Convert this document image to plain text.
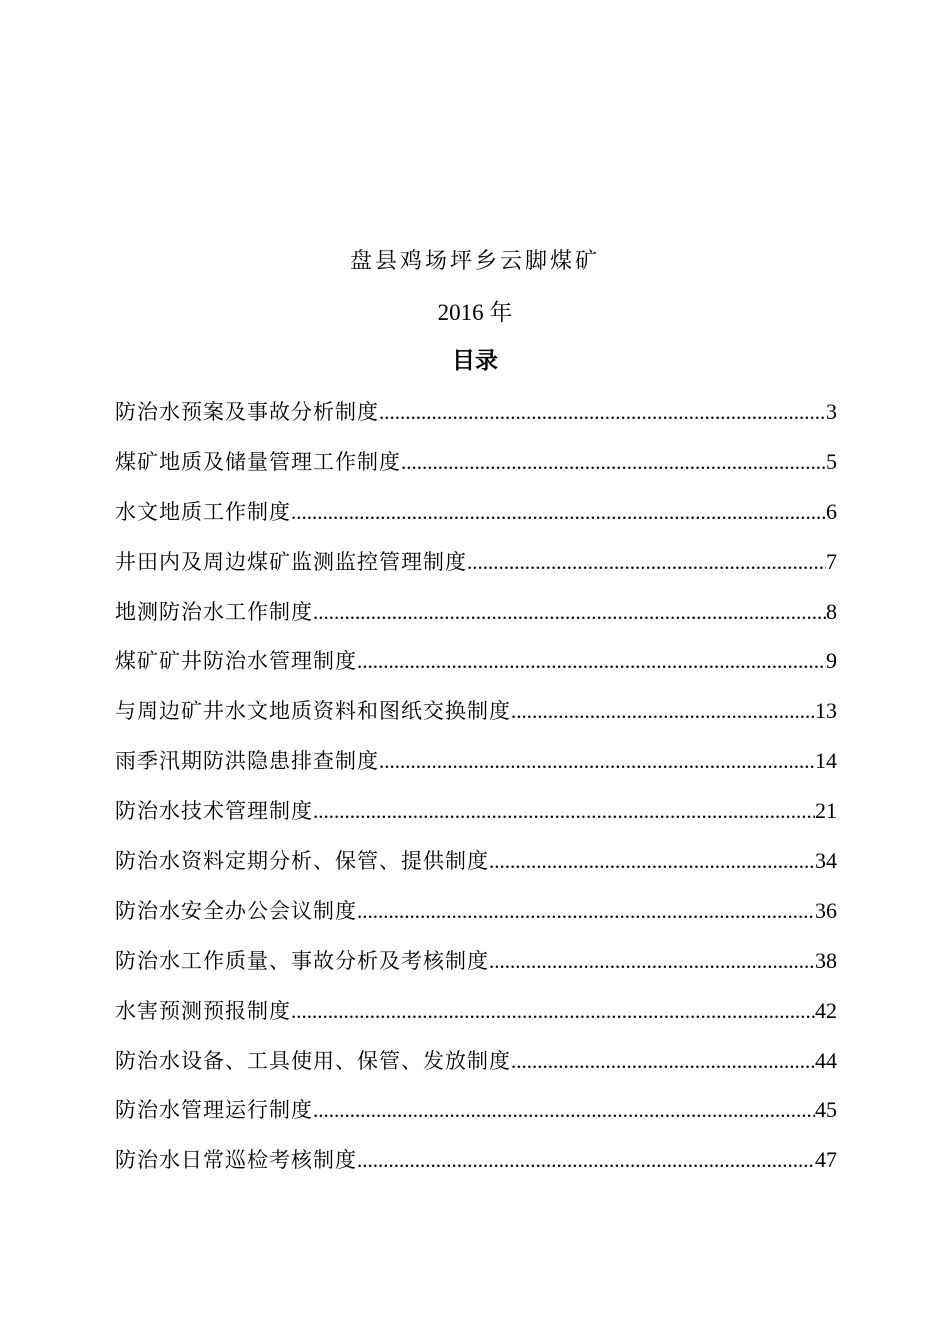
盘县鸡场坪乡云脚煤矿
2016 年
目录
防治水预案及事故分析制度 .....	3
煤矿地质及储量管理工作制度 .....	5
水文地质工作制度 .....	6
井田内及周边煤矿监测监控管理制度 .....	7
地测防治水工作制度 .....	8
煤矿矿井防治水管理制度 .....	9
与周边矿井水文地质资料和图纸交换制度 .....	13
雨季汛期防洪隐患排查制度 .....	14
防治水技术管理制度 .....	21
防治水资料定期分析、保管、提供制度 .....	34
防治水安全办公会议制度 .....	36
防治水工作质量、事故分析及考核制度 .....	38
水害预测预报制度 .....	42
防治水设备、工具使用、保管、发放制度 .....	44
防治水管理运行制度 .....	45
防治水日常巡检考核制度 .....	47
